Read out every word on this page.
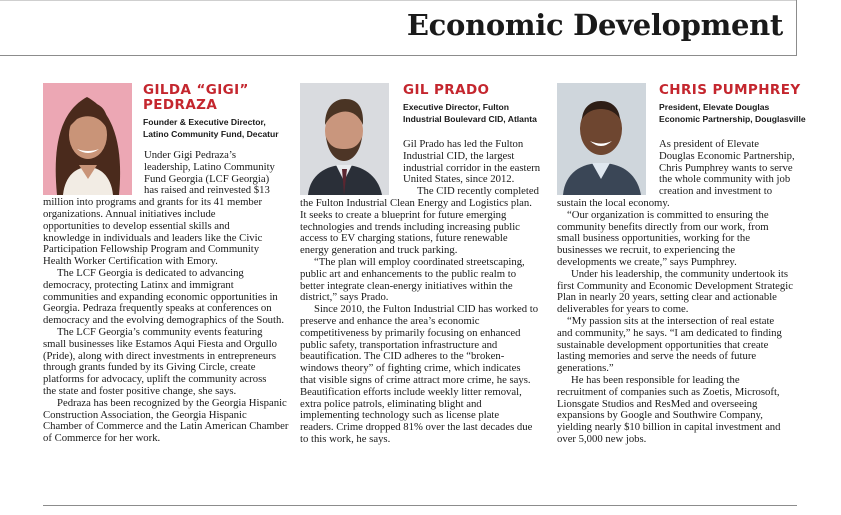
Economic Development
GILDA “GIGI”
PEDRAZA
Founder & Executive Director,
Latino Community Fund, Decatur
Under Gigi Pedraza’s
leadership, Latino Community
Fund Georgia (LCF Georgia)
has raised and reinvested $13
million into programs and grants for its 41 member
organizations. Annual initiatives include
opportunities to develop essential skills and
knowledge in individuals and leaders like the Civic
Participation Fellowship Program and Community
Health Worker Certification with Emory.
The LCF Georgia is dedicated to advancing
democracy, protecting Latinx and immigrant
communities and expanding economic opportunities in
Georgia. Pedraza frequently speaks at conferences on
democracy and the evolving demographics of the South.
The LCF Georgia’s community events featuring
small businesses like Estamos Aqui Fiesta and Orgullo
(Pride), along with direct investments in entrepreneurs
through grants funded by its Giving Circle, create
platforms for advocacy, uplift the community across
the state and foster positive change, she says.
Pedraza has been recognized by the Georgia Hispanic
Construction Association, the Georgia Hispanic
Chamber of Commerce and the Latin American Chamber
of Commerce for her work.
GIL PRADO
Executive Director, Fulton
Industrial Boulevard CID, Atlanta
Gil Prado has led the Fulton
Industrial CID, the largest
industrial corridor in the eastern
United States, since 2012.
The CID recently completed
the Fulton Industrial Clean Energy and Logistics plan.
It seeks to create a blueprint for future emerging
technologies and trends including increasing public
access to EV charging stations, future renewable
energy generation and truck parking.
“The plan will employ coordinated streetscaping,
public art and enhancements to the public realm to
better integrate clean-energy initiatives within the
district,” says Prado.
Since 2010, the Fulton Industrial CID has worked to
preserve and enhance the area’s economic
competitiveness by primarily focusing on enhanced
public safety, transportation infrastructure and
beautification. The CID adheres to the “broken-
windows theory” of fighting crime, which indicates
that visible signs of crime attract more crime, he says.
Beautification efforts include weekly litter removal,
extra police patrols, eliminating blight and
implementing technology such as license plate
readers. Crime dropped 81% over the last decades due
to this work, he says.
CHRIS PUMPHREY
President, Elevate Douglas
Economic Partnership, Douglasville
As president of Elevate
Douglas Economic Partnership,
Chris Pumphrey wants to serve
the whole community with job
creation and investment to
sustain the local economy.
“Our organization is committed to ensuring the
community benefits directly from our work, from
small business opportunities, working for the
businesses we recruit, to experiencing the
developments we create,” says Pumphrey.
Under his leadership, the community undertook its
first Community and Economic Development Strategic
Plan in nearly 20 years, setting clear and actionable
deliverables for years to come.
“My passion sits at the intersection of real estate
and community,” he says. “I am dedicated to finding
sustainable development opportunities that create
lasting memories and serve the needs of future
generations.”
He has been responsible for leading the
recruitment of companies such as Zoetis, Microsoft,
Lionsgate Studios and ResMed and overseeing
expansions by Google and Southwire Company,
yielding nearly $10 billion in capital investment and
over 5,000 new jobs.
